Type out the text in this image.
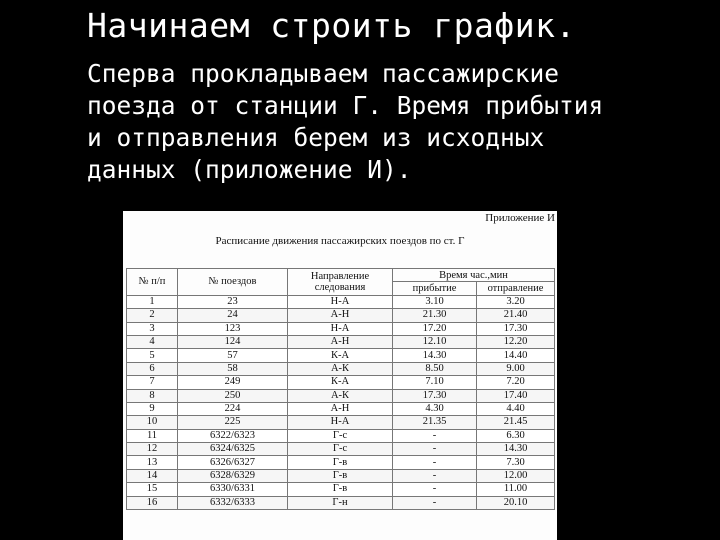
Начинаем строить график.
Сперва прокладываем пассажирские
поезда от станции Г. Время прибытия
и отправления берем из исходных
данных (приложение И).
Приложение И
Расписание движения пассажирских поездов по ст. Г
№ п/п	№ поездов	Направление следования	Время час.,мин	
			прибытие	отправление
1	23	Н-А	3.10	3.20
2	24	А-Н	21.30	21.40
3	123	Н-А	17.20	17.30
4	124	А-Н	12.10	12.20
5	57	К-А	14.30	14.40
6	58	А-К	8.50	9.00
7	249	К-А	7.10	7.20
8	250	А-К	17.30	17.40
9	224	А-Н	4.30	4.40
10	225	Н-А	21.35	21.45
11	6322/6323	Г-с	-	6.30
12	6324/6325	Г-с	-	14.30
13	6326/6327	Г-в	-	7.30
14	6328/6329	Г-в	-	12.00
15	6330/6331	Г-в	-	11.00
16	6332/6333	Г-н	-	20.10
